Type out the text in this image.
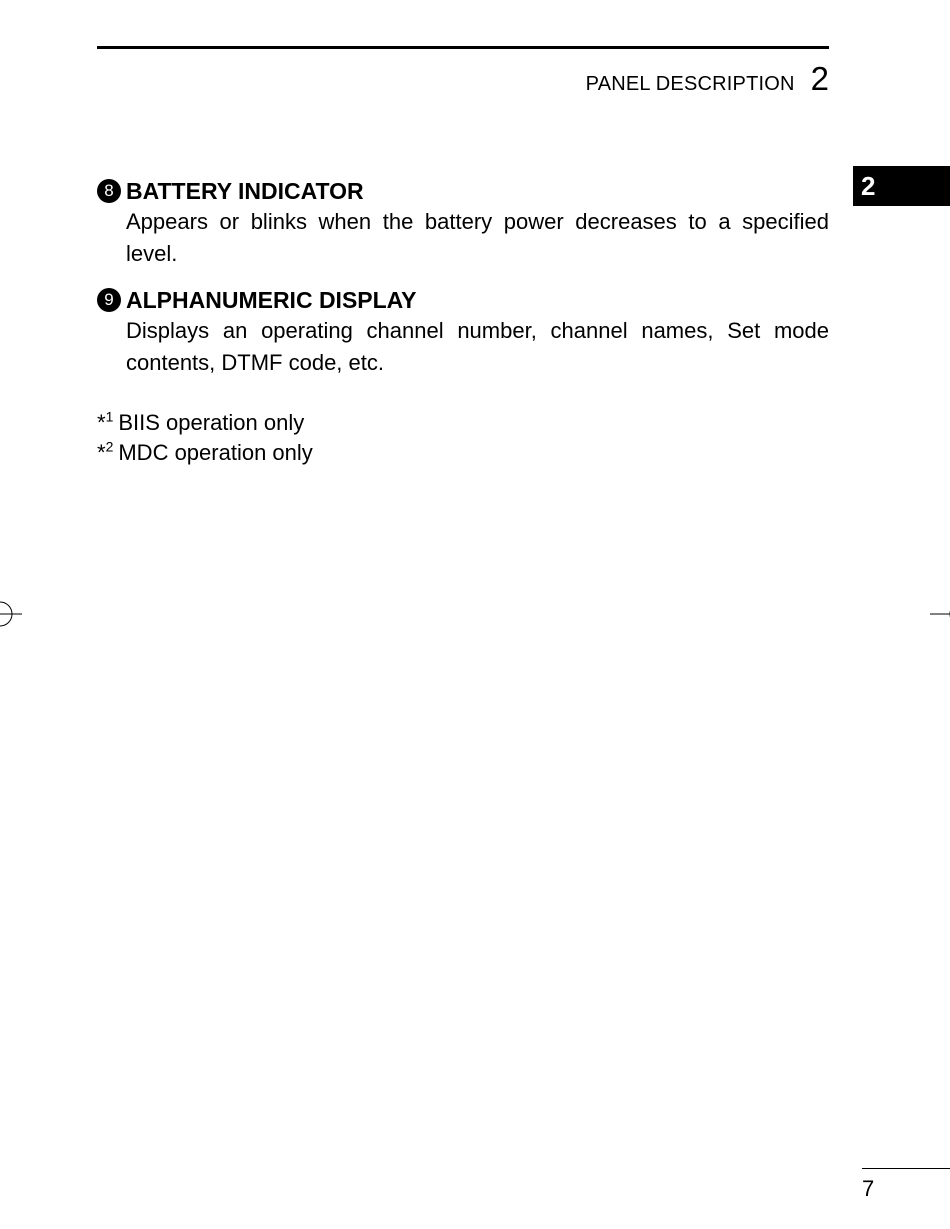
PANEL DESCRIPTION 2
2
8 BATTERY INDICATOR
Appears or blinks when the battery power decreases to a specified level.
9 ALPHANUMERIC DISPLAY
Displays an operating channel number, channel names, Set mode contents, DTMF code, etc.
*$^1$ BIIS operation only
*$^2$ MDC operation only
7
